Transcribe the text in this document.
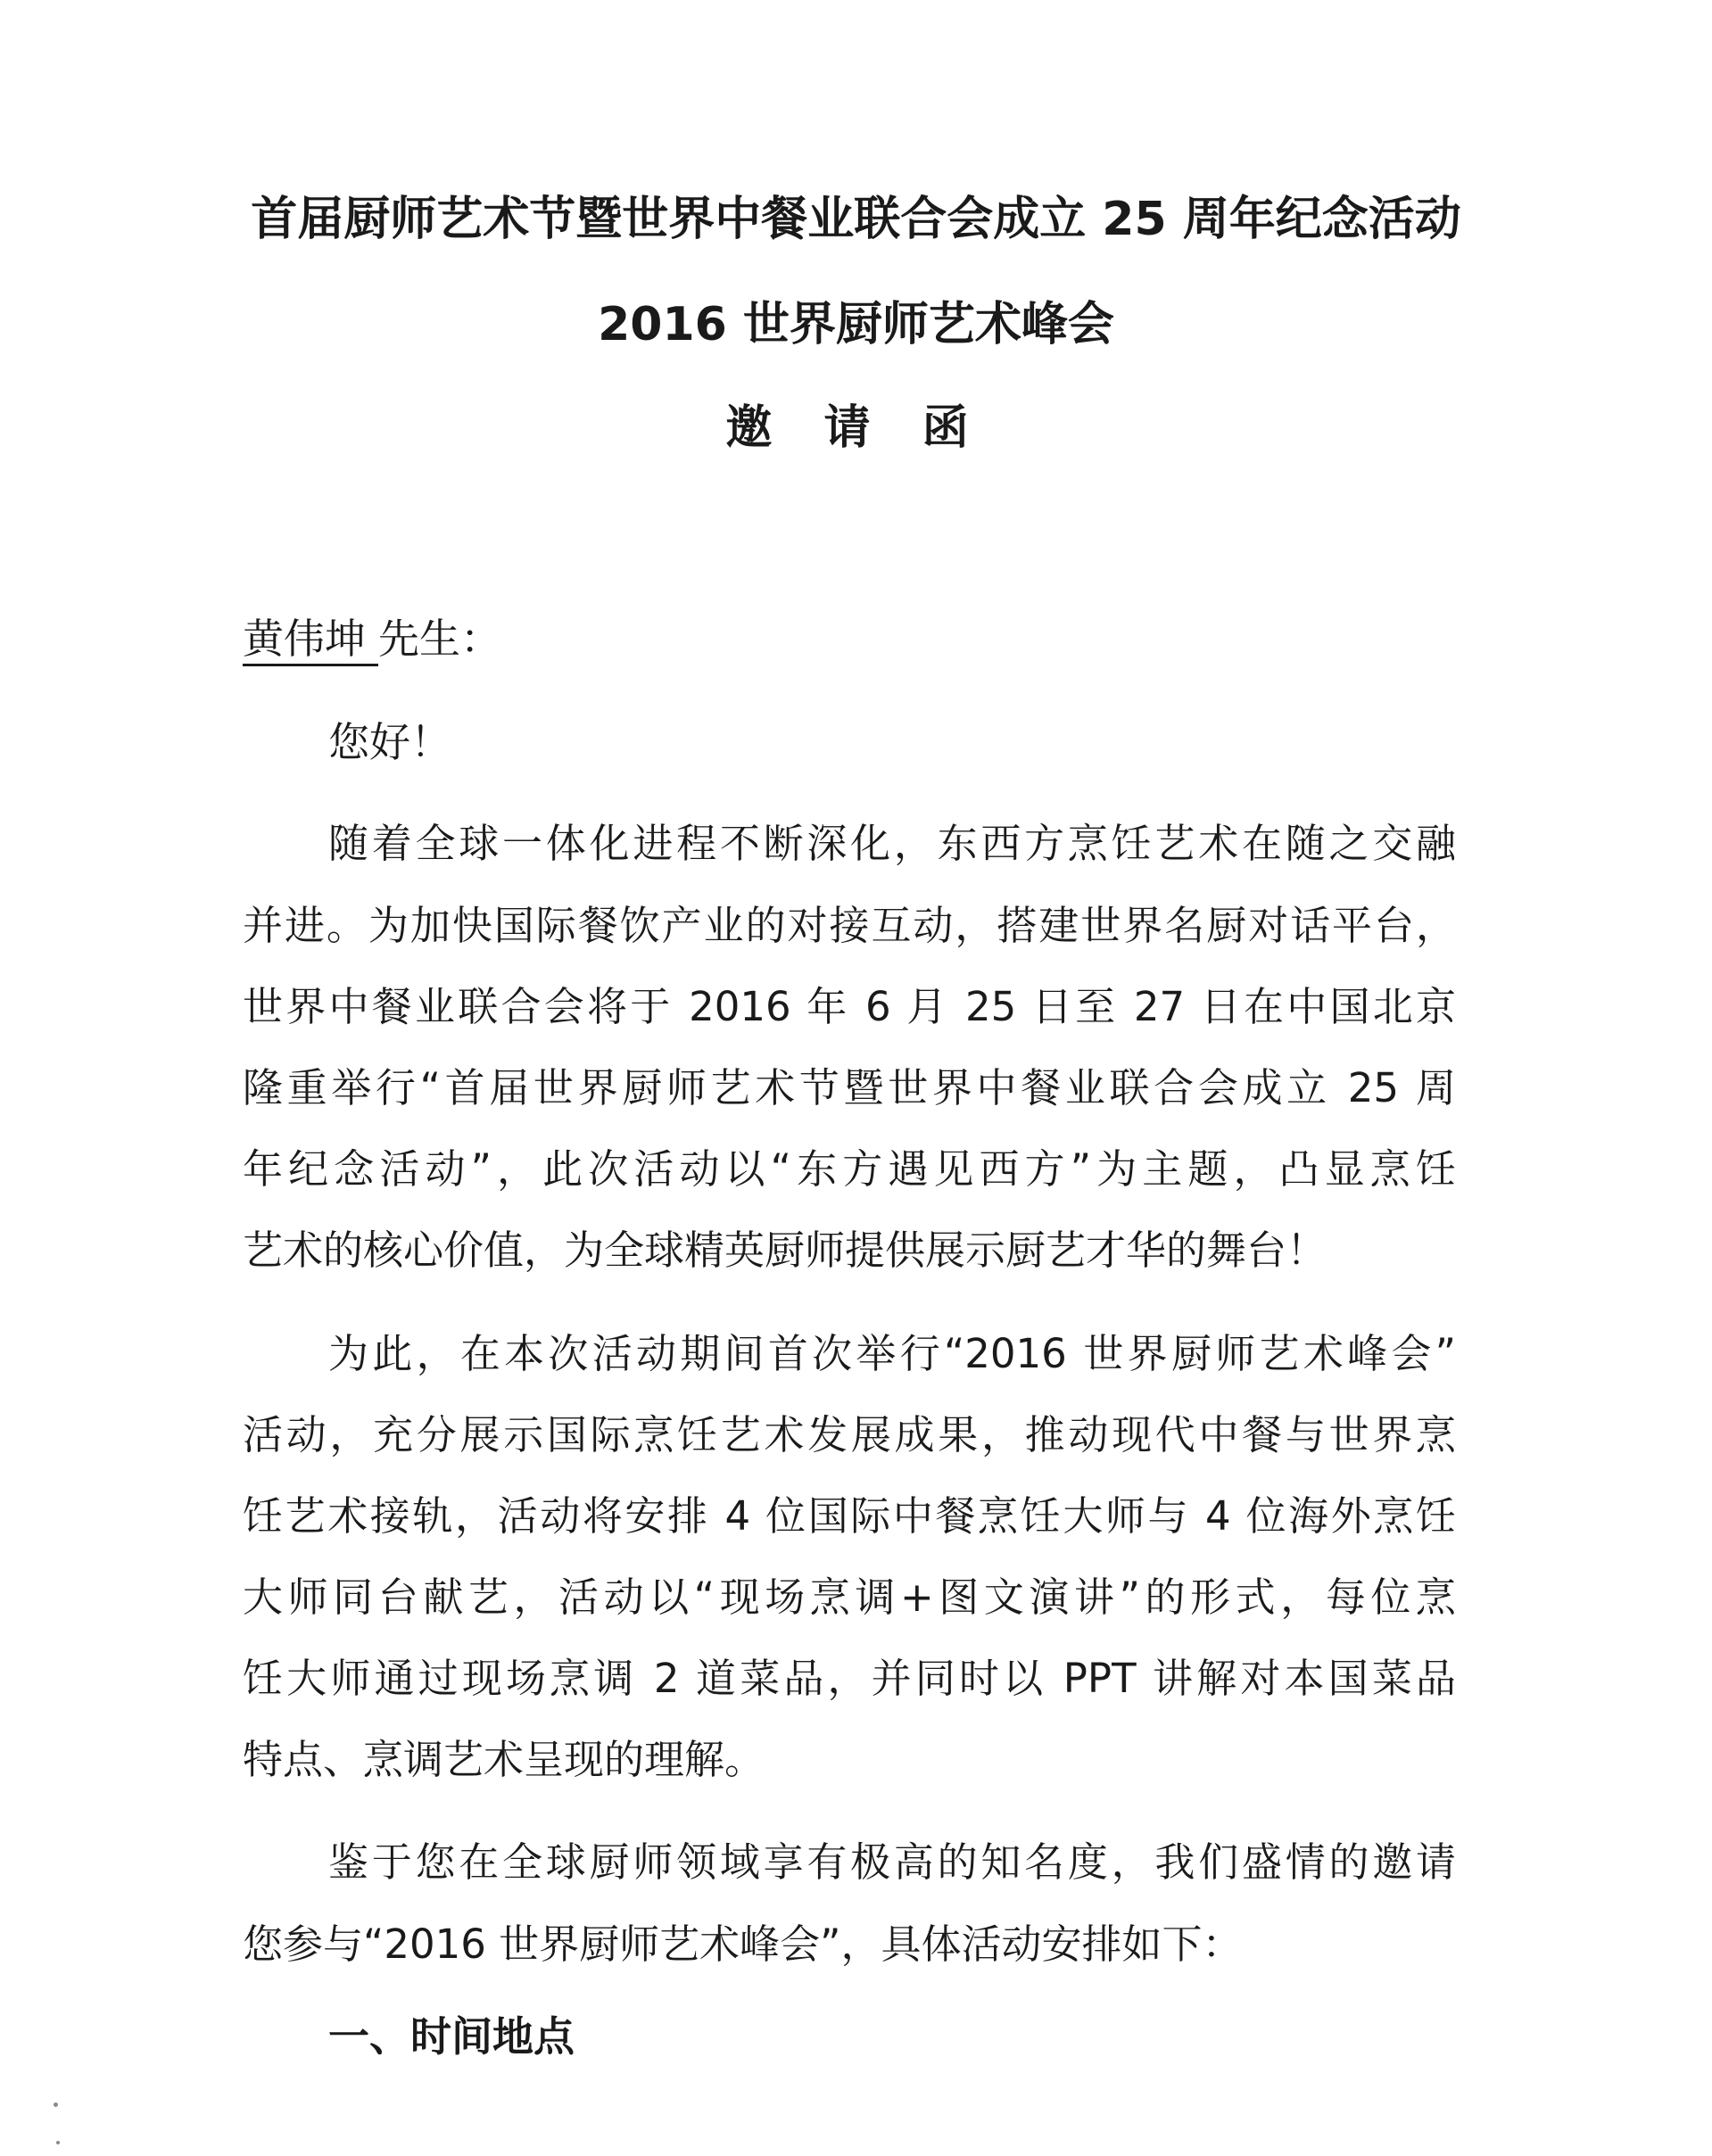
首届厨师艺术节暨世界中餐业联合会成立 25 周年纪念活动
2016 世界厨师艺术峰会
邀 请 函
黄伟坤 先生：
您好！
随着全球一体化进程不断深化，东西方烹饪艺术在随之交融
并进。为加快国际餐饮产业的对接互动，搭建世界名厨对话平台，
世界中餐业联合会将于 2016 年 6 月 25 日至 27 日在中国北京
隆重举行“首届世界厨师艺术节暨世界中餐业联合会成立 25 周
年纪念活动”，此次活动以“东方遇见西方”为主题，凸显烹饪
艺术的核心价值，为全球精英厨师提供展示厨艺才华的舞台！
为此，在本次活动期间首次举行“2016 世界厨师艺术峰会”
活动，充分展示国际烹饪艺术发展成果，推动现代中餐与世界烹
饪艺术接轨，活动将安排 4 位国际中餐烹饪大师与 4 位海外烹饪
大师同台献艺，活动以“现场烹调+图文演讲”的形式，每位烹
饪大师通过现场烹调 2 道菜品，并同时以 PPT 讲解对本国菜品
特点、烹调艺术呈现的理解。
鉴于您在全球厨师领域享有极高的知名度，我们盛情的邀请
您参与“2016 世界厨师艺术峰会”，具体活动安排如下：
一、时间地点
